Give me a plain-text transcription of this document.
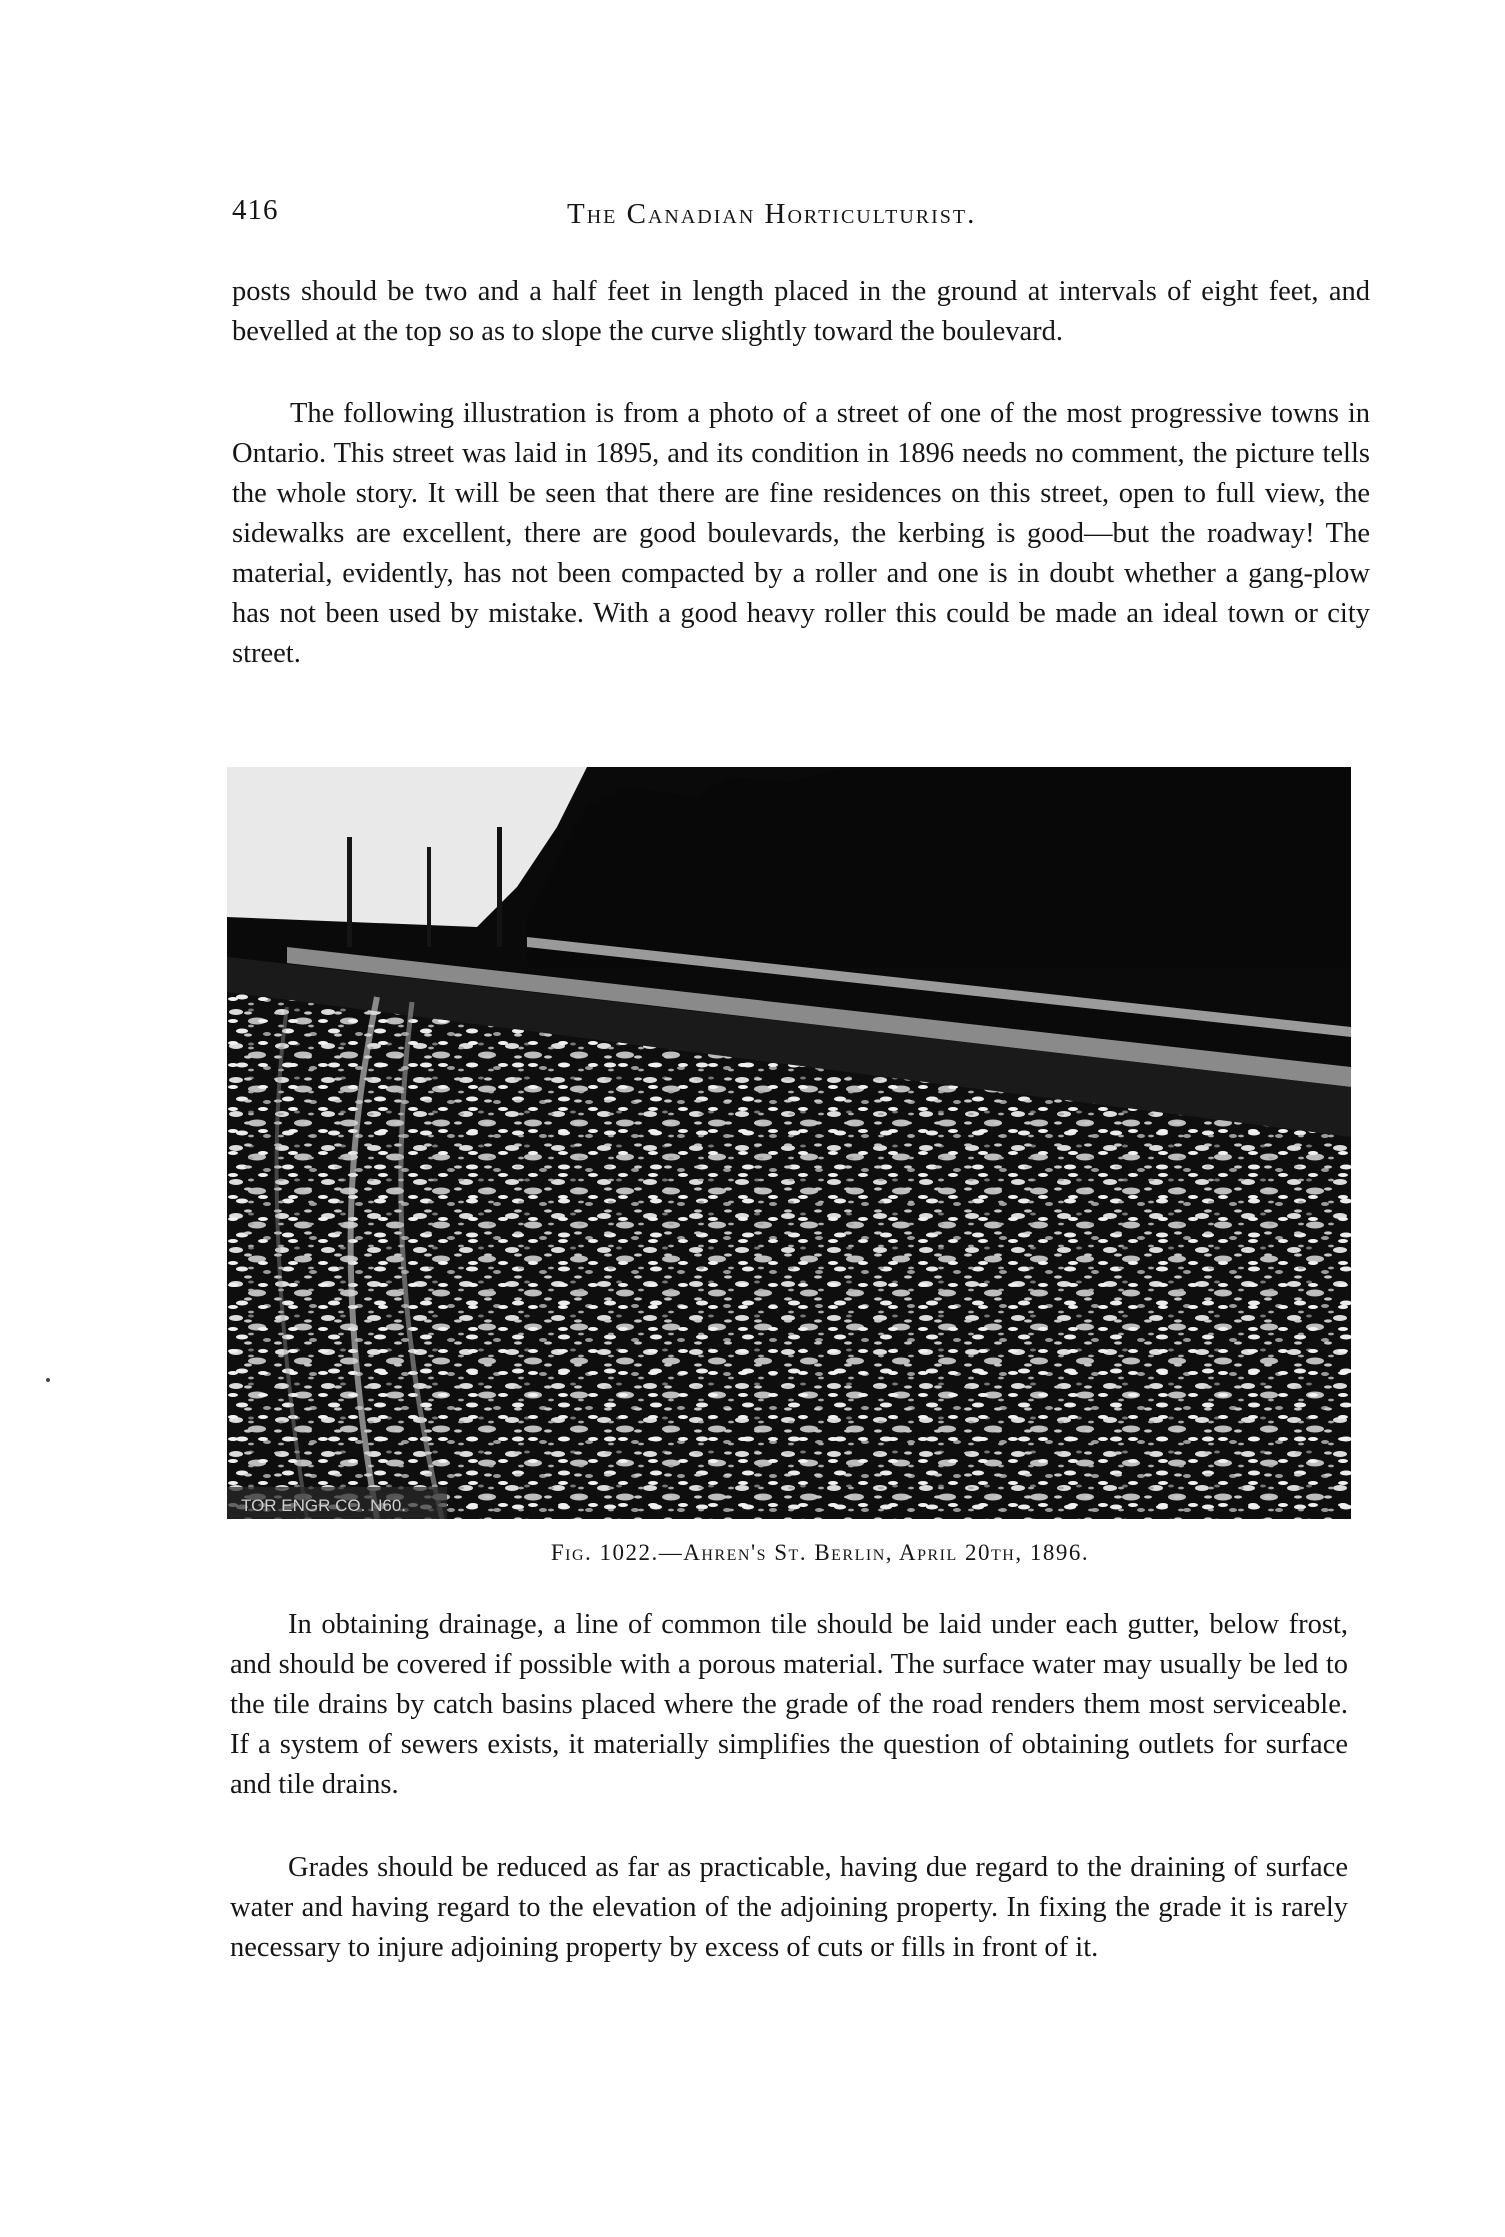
416	The Canadian Horticulturist.

posts should be two and a half feet in length placed in the ground at intervals of eight feet, and bevelled at the top so as to slope the curve slightly toward the boulevard.

The following illustration is from a photo of a street of one of the most progressive towns in Ontario. This street was laid in 1895, and its condition in 1896 needs no comment, the picture tells the whole story. It will be seen that there are fine residences on this street, open to full view, the sidewalks are excellent, there are good boulevards, the kerbing is good—but the roadway! The material, evidently, has not been compacted by a roller and one is in doubt whether a gang-plow has not been used by mistake. With a good heavy roller this could be made an ideal town or city street.

TOR ENGR CO. N60.
Fig. 1022.—Ahren's St. Berlin, April 20th, 1896.

In obtaining drainage, a line of common tile should be laid under each gutter, below frost, and should be covered if possible with a porous material. The surface water may usually be led to the tile drains by catch basins placed where the grade of the road renders them most serviceable. If a system of sewers exists, it materially simplifies the question of obtaining outlets for surface and tile drains.

Grades should be reduced as far as practicable, having due regard to the draining of surface water and having regard to the elevation of the adjoining property. In fixing the grade it is rarely necessary to injure adjoining property by excess of cuts or fills in front of it.
